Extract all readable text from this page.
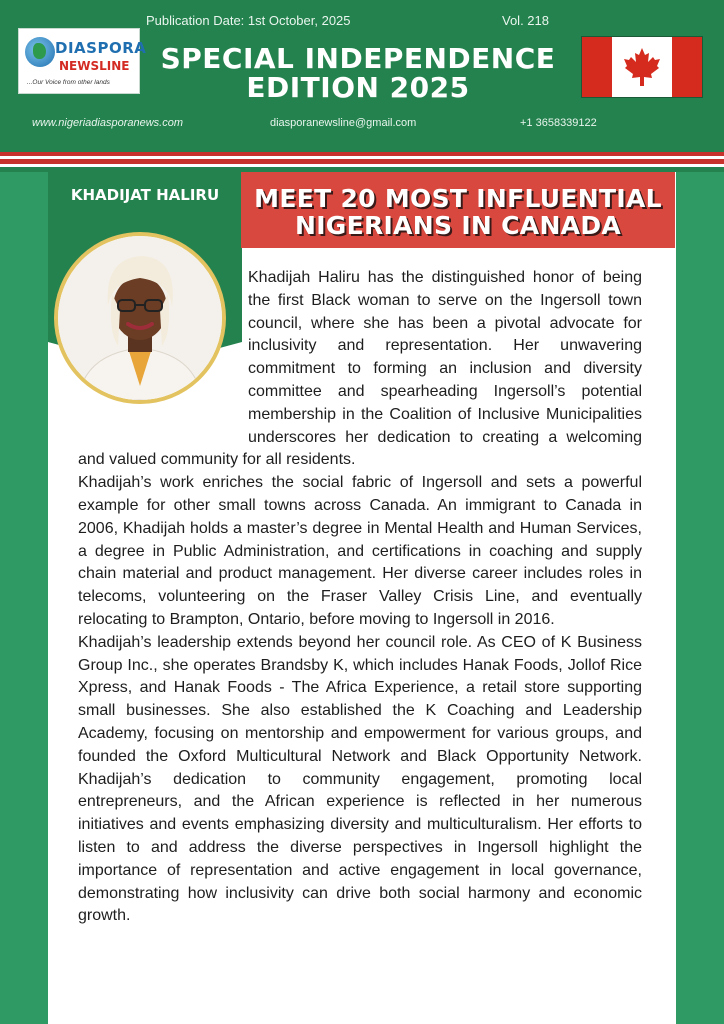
Publication Date: 1st October, 2025	Vol. 218
DIASPORA
NEWSLINE
...Our Voice from other lands
SPECIAL INDEPENDENCE
EDITION 2025
www.nigeriadiasporanews.com	diasporanewsline@gmail.com	+1 3658339122
KHADIJAT HALIRU	MEET 20 MOST INFLUENTIAL
NIGERIANS IN CANADA

Khadijah Haliru has the distinguished honor of being the first Black woman to serve on the Ingersoll town council, where she has been a pivotal advocate for inclusivity and representation. Her unwavering commitment to forming an inclusion and diversity committee and spearheading Ingersoll’s potential membership in the Coalition of Inclusive Municipalities underscores her dedication to creating a welcoming and valued community for all residents.

Khadijah’s work enriches the social fabric of Ingersoll and sets a powerful example for other small towns across Canada. An immigrant to Canada in 2006, Khadijah holds a master’s degree in Mental Health and Human Services, a degree in Public Administration, and certifications in coaching and supply chain material and product management. Her diverse career includes roles in telecoms, volunteering on the Fraser Valley Crisis Line, and eventually relocating to Brampton, Ontario, before moving to Ingersoll in 2016.

Khadijah’s leadership extends beyond her council role. As CEO of K Business Group Inc., she operates Brandsby K, which includes Hanak Foods, Jollof Rice Xpress, and Hanak Foods - The Africa Experience, a retail store supporting small businesses. She also established the K Coaching and Leadership Academy, focusing on mentorship and empowerment for various groups, and founded the Oxford Multicultural Network and Black Opportunity Network. Khadijah’s dedication to community engagement, promoting local entrepreneurs, and the African experience is reflected in her numerous initiatives and events emphasizing diversity and multiculturalism. Her efforts to listen to and address the diverse perspectives in Ingersoll highlight the importance of representation and active engagement in local governance, demonstrating how inclusivity can drive both social harmony and economic growth.
